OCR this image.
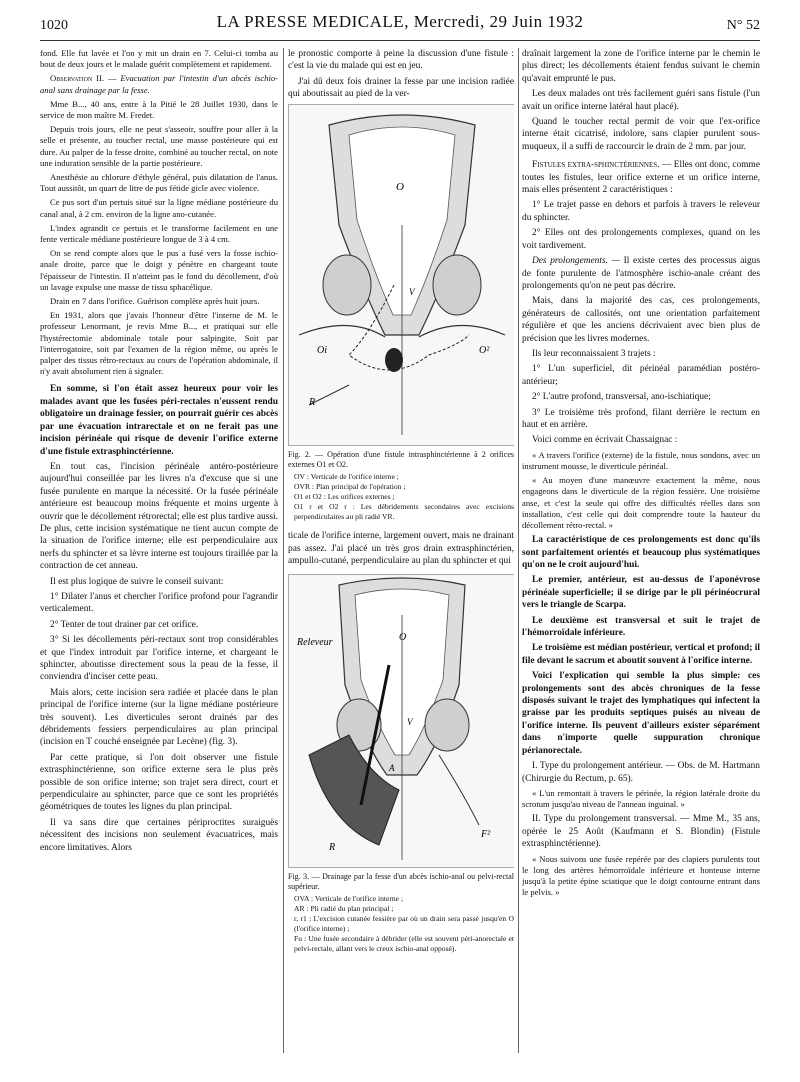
1020	LA PRESSE MEDICALE, Mercredi, 29 Juin 1932	N° 52

fond. Elle fut lavée et l'on y mit un drain en 7. Celui-ci tomba au bout de deux jours et le malade guérit complètement et rapidement.

Observation II. — Evacuation par l'intestin d'un abcès ischio-anal sans drainage par la fesse.

Mme B..., 40 ans, entre à la Pitié le 28 Juillet 1930, dans le service de mon maître M. Fredet.

Depuis trois jours, elle ne peut s'asseoir, souffre pour aller à la selle et présente, au toucher rectal, une masse postérieure qui est dure. Au palper de la fesse droite, combiné au toucher rectal, on note une induration sensible de la partie postérieure.

Anesthésie au chlorure d'éthyle général, puis dilatation de l'anus. Tout aussitôt, un quart de litre de pus fétide gicle avec violence.

Ce pus sort d'un pertuis situé sur la ligne médiane postérieure du canal anal, à 2 cm. environ de la ligne ano-cutanée.

L'index agrandit ce pertuis et le transforme facilement en une fente verticale médiane postérieure longue de 3 à 4 cm.

On se rend compte alors que le pus a fusé vers la fosse ischio-anale droite, parce que le doigt y pénètre en chargeant toute l'épaisseur de l'intestin. Il n'atteint pas le fond du décollement, d'où un lavage expulse une masse de tissu sphacélique.

Drain en 7 dans l'orifice. Guérison complète après huit jours.

En 1931, alors que j'avais l'honneur d'être l'interne de M. le professeur Lenormant, je revis Mme B..., et pratiquai sur elle l'hystérectomie abdominale totale pour salpingite. Soit par l'interrogatoire, soit par l'examen de la région même, ou après le palper des tissus rétro-rectaux au cours de l'opération abdominale, il n'y avait absolument rien à signaler.

En somme, si l'on était assez heureux pour voir les malades avant que les fusées péri-rectales n'eussent rendu obligatoire un drainage fessier, on pourrait guérir ces abcès par une évacuation intrarectale et on ne ferait pas une incision périnéale qui risque de devenir l'orifice externe d'une fistule extrasphinctérienne.

En tout cas, l'incision périnéale antéro-postérieure aujourd'hui conseillée par les livres n'a d'excuse que si une fusée purulente en marque la nécessité. Or la fusée périnéale antérieure est beaucoup moins fréquente et moins urgente à ouvrir que le décollement rétrorectal; elle est plus tardive aussi. De plus, cette incision systématique ne tient aucun compte de la situation de l'orifice interne; elle est perpendiculaire aux nerfs du sphincter et sa lèvre interne est toujours tiraillée par la contraction de cet anneau.

Il est plus logique de suivre le conseil suivant:

1° Dilater l'anus et chercher l'orifice profond pour l'agrandir verticalement.

2° Tenter de tout drainer par cet orifice.

3° Si les décollements péri-rectaux sont trop considérables et que l'index introduit par l'orifice interne, et chargeant le sphincter, aboutisse directement sous la peau de la fesse, il conviendra d'inciser cette peau.

Mais alors, cette incision sera radiée et placée dans le plan principal de l'orifice interne (sur la ligne médiane postérieure très souvent). Les diverticules seront drainés par des débridements fessiers perpendiculaires au plan principal (incision en T couché enseignée par Lecène) (fig. 3).

Par cette pratique, si l'on doit observer une fistule extrasphinctérienne, son orifice externe sera le plus près possible de son orifice interne; son trajet sera direct, court et perpendiculaire au sphincter, parce que ce sont les propriétés géométriques de toutes les lignes du plan principal.

Il va sans dire que certaines périproctites suraiguës nécessitent des incisions non seulement évacuatrices, mais encore limitatives. Alors

le pronostic comporte à peine la discussion d'une fistule : c'est la vie du malade qui est en jeu.

J'ai dû deux fois drainer la fesse par une incision radiée qui aboutissait au pied de la ver-

O
V
Oi	O²
R

Fig. 2. — Opération d'une fistule intrasphinctérienne à 2 orifices externes O1 et O2.

OV : Verticale de l'orifice interne ;
OVR : Plan principal de l'opération ;
O1 et O2 : Les orifices externes ;
O1 r et O2 r : Les débridements secondaires avec excisions perpendiculaires au pli radié VR.

ticale de l'orifice interne, largement ouvert, mais ne drainant pas assez. J'ai placé un très gros drain extrasphinctérien, ampullo-cutané, perpendiculaire au plan du sphincter et qui

Releveur	O
V
A
R
F²

Fig. 3. — Drainage par la fesse d'un abcès ischio-anal ou pelvi-rectal supérieur.

OVA : Verticale de l'orifice interne ;
AR : Pli radié du plan principal ;
r, r1 : L'excision cutanée fessière par où un drain sera passé jusqu'en O (l'orifice interne) ;
Fu : Une fusée secondaire à débrider (elle est souvent péri-anorectale et pelvi-rectale, allant vers le creux ischio-anal opposé).

draînait largement la zone de l'orifice interne par le chemin le plus direct; les décollements étaient fendus suivant le chemin qu'avait emprunté le pus.

Les deux malades ont très facilement guéri sans fistule (l'un avait un orifice interne latéral haut placé).

Quand le toucher rectal permit de voir que l'ex-orifice interne était cicatrisé, indolore, sans clapier purulent sous-muqueux, il a suffi de raccourcir le drain de 2 mm. par jour.

Fistules extra-sphinctériennes. — Elles ont donc, comme toutes les fistules, leur orifice externe et un orifice interne, mais elles présentent 2 caractéristiques :

1° Le trajet passe en dehors et parfois à travers le releveur du sphincter.

2° Elles ont des prolongements complexes, quand on les voit tardivement.

Des prolongements. — Il existe certes des processus aigus de fonte purulente de l'atmosphère ischio-anale créant des prolongements qu'on ne peut pas décrire.

Mais, dans la majorité des cas, ces prolongements, générateurs de callosités, ont une orientation parfaitement régulière et que les anciens décrivaient avec bien plus de précision que les livres modernes.

Ils leur reconnaissaient 3 trajets :

1° L'un superficiel, dit périnéal paramédian postéro-antérieur;

2° L'autre profond, transversal, ano-ischiatique;

3° Le troisième très profond, filant derrière le rectum en haut et en arrière.

Voici comme en écrivait Chassaignac :

« A travers l'orifice (externe) de la fistule, nous sondons, avec un instrument mousse, le diverticule périnéal.

« Au moyen d'une manœuvre exactement la même, nous engageons dans le diverticule de la région fessière. Une troisième anse, et c'est la seule qui offre des difficultés réelles dans son installation, c'est celle qui doit comprendre toute la hauteur du décollement rétro-rectal. »

La caractéristique de ces prolongements est donc qu'ils sont parfaitement orientés et beaucoup plus systématiques qu'on ne le croit aujourd'hui.

Le premier, antérieur, est au-dessus de l'aponévrose périnéale superficielle; il se dirige par le pli périnéocrural vers le triangle de Scarpa.

Le deuxième est transversal et suit le trajet de l'hémorroïdale inférieure.

Le troisième est médian postérieur, vertical et profond; il file devant le sacrum et aboutit souvent à l'orifice interne.

Voici l'explication qui semble la plus simple: ces prolongements sont des abcès chroniques de la fesse disposés suivant le trajet des lymphatiques qui infectent la graisse par les produits septiques puisés au niveau de l'orifice interne. Ils peuvent d'ailleurs exister séparément dans n'importe quelle suppuration chronique périanorectale.

I. Type du prolongement antérieur. — Obs. de M. Hartmann (Chirurgie du Rectum, p. 65).

« L'un remontait à travers le périnée, la région latérale droite du scrotum jusqu'au niveau de l'anneau inguinal. »

II. Type du prolongement transversal. — Mme M., 35 ans, opérée le 25 Août (Kaufmann et S. Blondin) (Fistule extrasphinctérienne).

« Nous suivons une fusée repérée par des clapiers purulents tout le long des artères hémorroïdale inférieure et honteuse interne jusqu'à la petite épine sciatique que le doigt contourne entrant dans le pelvis. »
